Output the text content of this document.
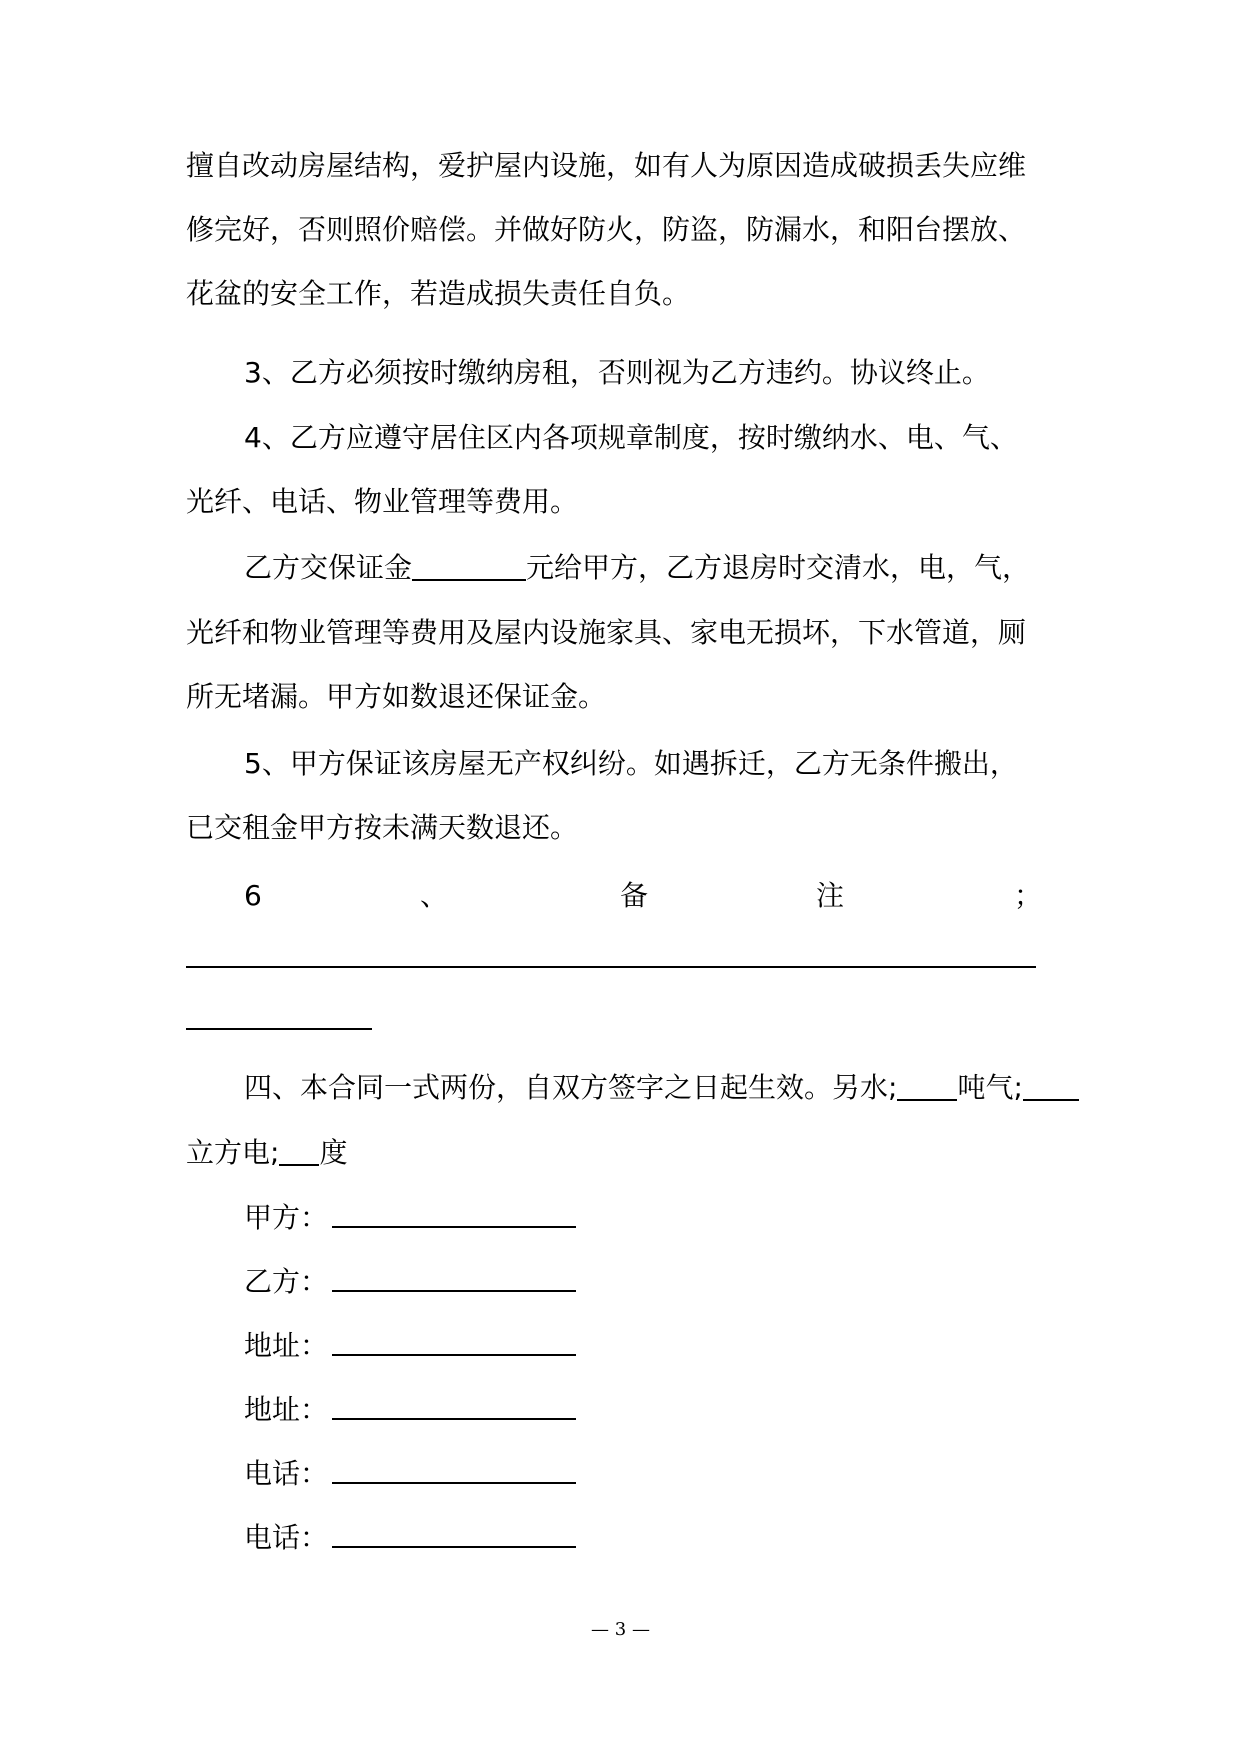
擅自改动房屋结构，爱护屋内设施，如有人为原因造成破损丢失应维
修完好，否则照价赔偿。并做好防火，防盗，防漏水，和阳台摆放、
花盆的安全工作，若造成损失责任自负。
3、乙方必须按时缴纳房租，否则视为乙方违约。协议终止。
4、乙方应遵守居住区内各项规章制度，按时缴纳水、电、气、
光纤、电话、物业管理等费用。
乙方交保证金	元给甲方，乙方退房时交清水，电，气，
光纤和物业管理等费用及屋内设施家具、家电无损坏，下水管道，厕
所无堵漏。甲方如数退还保证金。
5、甲方保证该房屋无产权纠纷。如遇拆迁，乙方无条件搬出，
已交租金甲方按未满天数退还。
6	、	备	注	；
四、本合同一式两份，自双方签字之日起生效。另水; 吨气;
立方电; 度
甲方：
乙方：
地址：
地址：
电话：
电话：
— 3 —
